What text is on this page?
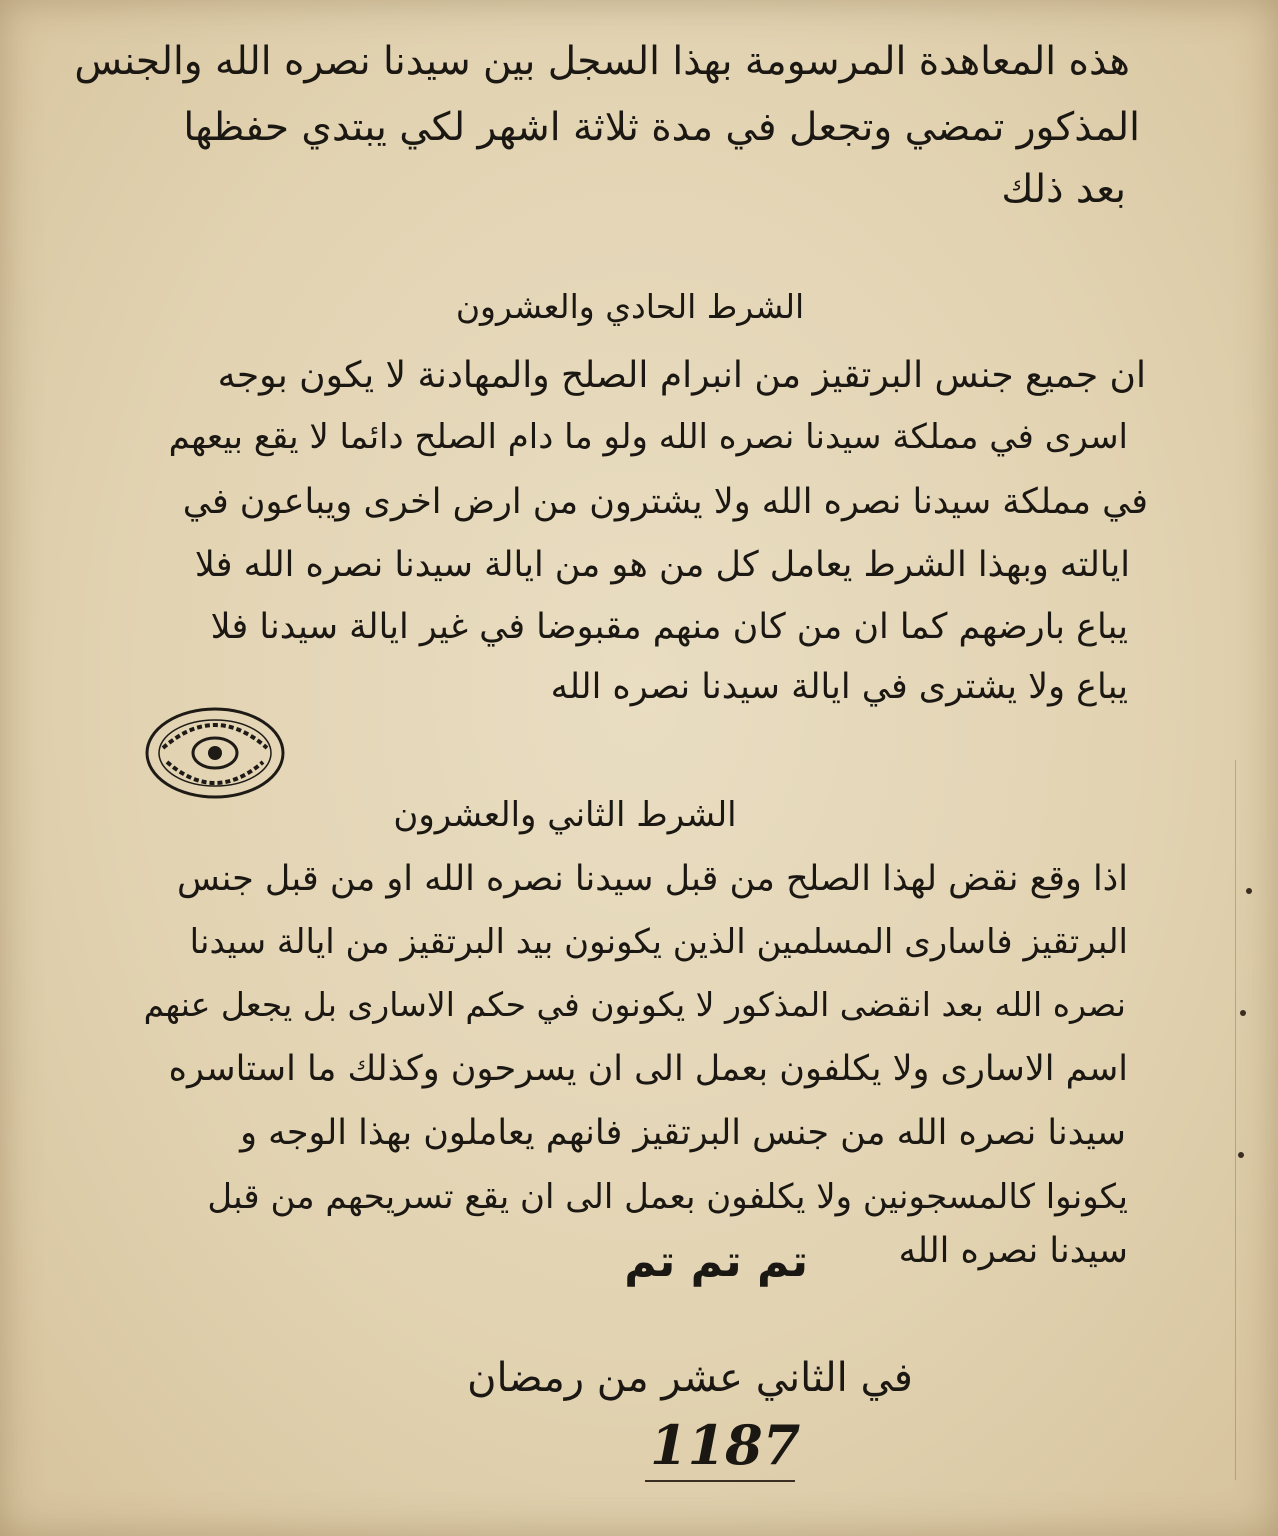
هذه المعاهدة المرسومة بهذا السجل بين سيدنا نصره الله والجنس
المذكور تمضي وتجعل في مدة ثلاثة اشهر لكي يبتدي حفظها
بعد ذلك
الشرط الحادي والعشرون
ان جميع جنس البرتقيز من انبرام الصلح والمهادنة لا يكون بوجه
اسرى في مملكة سيدنا نصره الله ولو ما دام الصلح دائما لا يقع بيعهم
في مملكة سيدنا نصره الله ولا يشترون من ارض اخرى ويباعون في
ايالته وبهذا الشرط يعامل كل من هو من ايالة سيدنا نصره الله فلا
يباع بارضهم كما ان من كان منهم مقبوضا في غير ايالة سيدنا فلا
يباع ولا يشترى في ايالة سيدنا نصره الله
الشرط الثاني والعشرون
اذا وقع نقض لهذا الصلح من قبل سيدنا نصره الله او من قبل جنس
البرتقيز فاسارى المسلمين الذين يكونون بيد البرتقيز من ايالة سيدنا
نصره الله بعد انقضى المذكور لا يكونون في حكم الاسارى بل يجعل عنهم
اسم الاسارى ولا يكلفون بعمل الى ان يسرحون وكذلك ما استاسره
سيدنا نصره الله من جنس البرتقيز فانهم يعاملون بهذا الوجه و
يكونوا كالمسجونين ولا يكلفون بعمل الى ان يقع تسريحهم من قبل
سيدنا نصره الله
تم تم تم
في الثاني عشر من رمضان
1187
